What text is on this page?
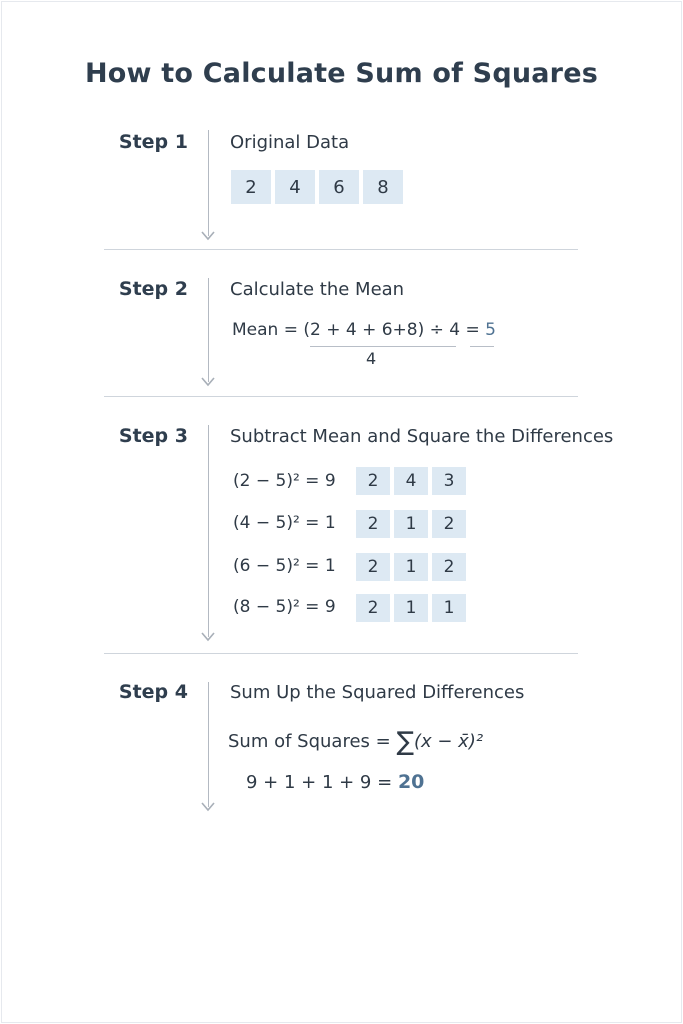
How to Calculate Sum of Squares
Step 1 Original Data
2	4	6	8
Step 2 Calculate the Mean
Mean = (2 + 4 + 6+8) ÷ 4 = 5
4
Step 3 Subtract Mean and Square the Differences
(2 − 5)² = 9	2	4	3
(4 − 5)² = 1	2	1	2
(6 − 5)² = 1	2	1	2
(8 − 5)² = 9	2	1	1
Step 4 Sum Up the Squared Differences
Sum of Squares = ∑(x − x̄)²
9 + 1 + 1 + 9 = 20
